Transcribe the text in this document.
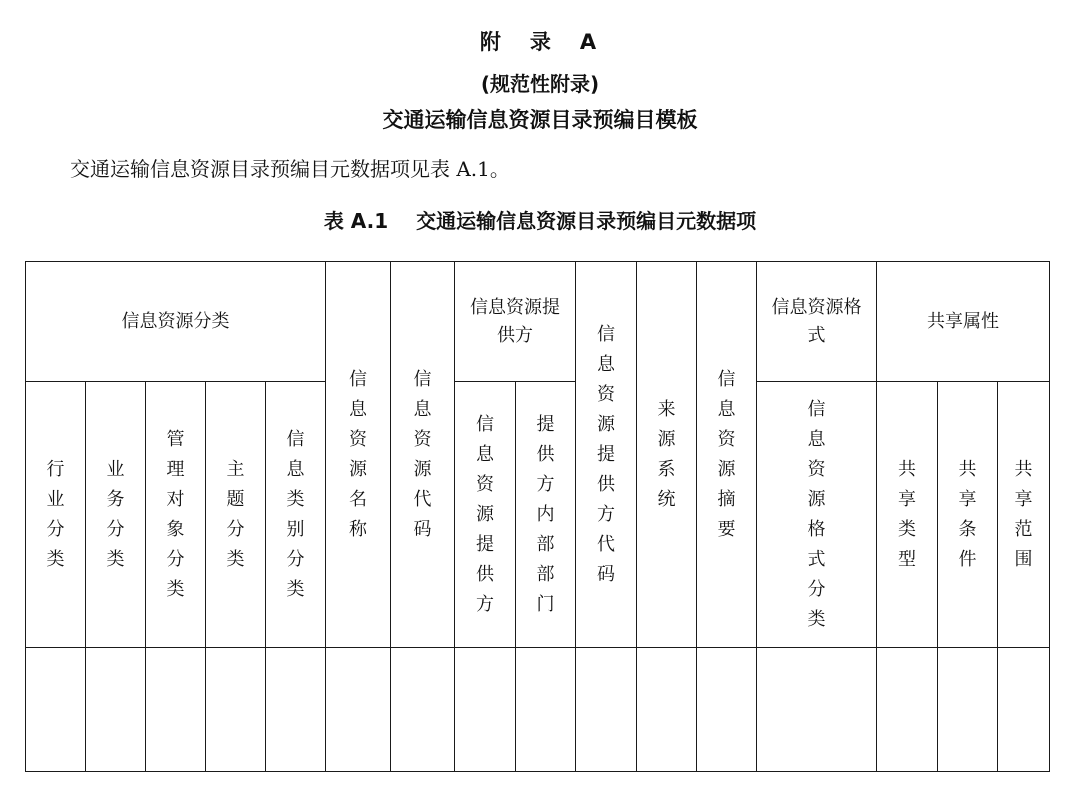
附　录　A
(规范性附录)
交通运输信息资源目录预编目模板
交通运输信息资源目录预编目元数据项见表 A.1。
表 A.1 交通运输信息资源目录预编目元数据项
信息资源分类					信息资源名称	信息资源代码	信息资源提供方		信息资源提供方代码	来源系统	信息资源摘要	信息资源格式	共享属性		
行业分类	业务分类	管理对象分类	主题分类	信息类别分类			信息资源提供方	提供方内部部门				信息资源格式分类	共享类型	共享条件	共享范围
